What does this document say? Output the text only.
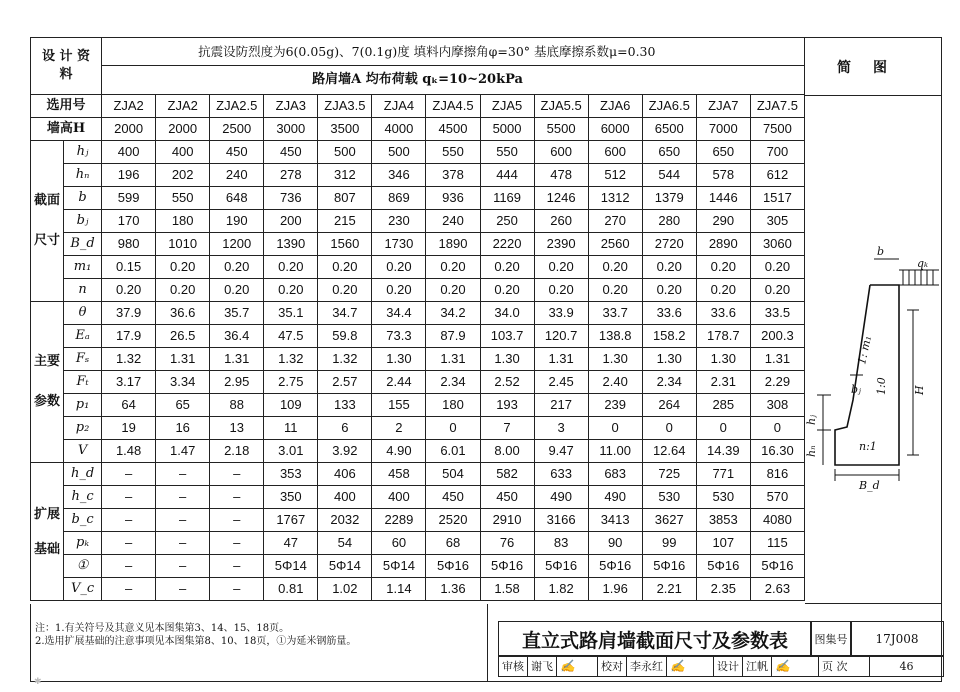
设 计 资 料		抗震设防烈度为6(0.05g)、7(0.1g)度 填料内摩擦角φ=30° 基底摩擦系数μ=0.30												
		路肩墙A 均布荷载 qₖ=10~20kPa												
选用号		ZJA2	ZJA2	ZJA2.5	ZJA3	ZJA3.5	ZJA4	ZJA4.5	ZJA5	ZJA5.5	ZJA6	ZJA6.5	ZJA7	ZJA7.5
墙高H		2000	2000	2500	3000	3500	4000	4500	5000	5500	6000	6500	7000	7500
截面尺寸	hⱼ	400	400	450	450	500	500	550	550	600	600	650	650	700
	hₙ	196	202	240	278	312	346	378	444	478	512	544	578	612
	b	599	550	648	736	807	869	936	1169	1246	1312	1379	1446	1517
	bⱼ	170	180	190	200	215	230	240	250	260	270	280	290	305
	B_d	980	1010	1200	1390	1560	1730	1890	2220	2390	2560	2720	2890	3060
	m₁	0.15	0.20	0.20	0.20	0.20	0.20	0.20	0.20	0.20	0.20	0.20	0.20	0.20
	n	0.20	0.20	0.20	0.20	0.20	0.20	0.20	0.20	0.20	0.20	0.20	0.20	0.20
主要参数	θ	37.9	36.6	35.7	35.1	34.7	34.4	34.2	34.0	33.9	33.7	33.6	33.6	33.5
	Eₐ	17.9	26.5	36.4	47.5	59.8	73.3	87.9	103.7	120.7	138.8	158.2	178.7	200.3
	Fₛ	1.32	1.31	1.31	1.32	1.32	1.30	1.31	1.30	1.31	1.30	1.30	1.30	1.31
	Fₜ	3.17	3.34	2.95	2.75	2.57	2.44	2.34	2.52	2.45	2.40	2.34	2.31	2.29
	p₁	64	65	88	109	133	155	180	193	217	239	264	285	308
	p₂	19	16	13	11	6	2	0	7	3	0	0	0	0
	V	1.48	1.47	2.18	3.01	3.92	4.90	6.01	8.00	9.47	11.00	12.64	14.39	16.30
扩展基础	h_d	–	–	–	353	406	458	504	582	633	683	725	771	816
	h_c	–	–	–	350	400	400	450	450	490	490	530	530	570
	b_c	–	–	–	1767	2032	2289	2520	2910	3166	3413	3627	3853	4080
	pₖ	–	–	–	47	54	60	68	76	83	90	99	107	115
	①	–	–	–	5Φ14	5Φ14	5Φ14	5Φ16	5Φ16	5Φ16	5Φ16	5Φ16	5Φ16	5Φ16
	V_c	–	–	–	0.81	1.02	1.14	1.36	1.58	1.82	1.96	2.21	2.35	2.63
简图
b
qₖ
1: m₁
1:0 H
bⱼ
hⱼ
hₙ	n:1
B_d
注：1.有关符号及其意义见本图集第3、14、15、18页。
2.选用扩展基础的注意事项见本图集第8、10、18页，①为延米钢筋量。	直立式路肩墙截面尺寸及参数表	图集号	17J008
审核 谢飞 ✍	校对 李永红 ✍	设计 江帆 ✍	页 次	46
✱
